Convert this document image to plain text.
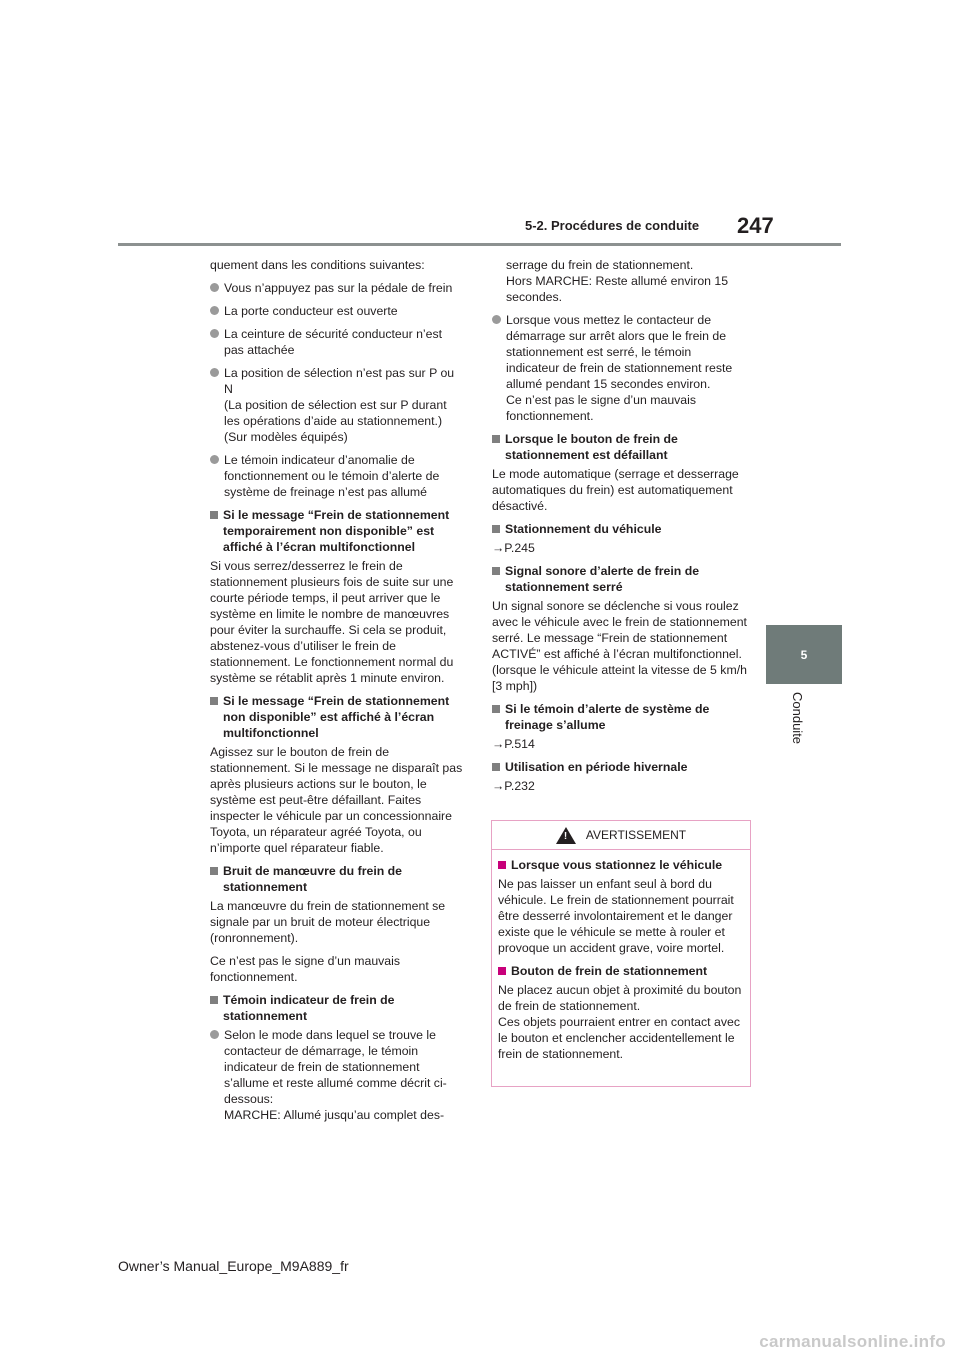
5-2. Procédures de conduite 247
5
Conduite

quement dans les conditions suivantes:

Vous n’appuyez pas sur la pédale de frein
La porte conducteur est ouverte
La ceinture de sécurité conducteur n’est pas attachée
La position de sélection n’est pas sur P ou N
(La position de sélection est sur P durant les opérations d’aide au stationnement.)
(Sur modèles équipés)
Le témoin indicateur d’anomalie de fonctionnement ou le témoin d’alerte de système de freinage n’est pas allumé
Si le message “Frein de stationnement temporairement non disponible” est affiché à l’écran multifonctionnel

Si vous serrez/desserrez le frein de stationnement plusieurs fois de suite sur une courte période temps, il peut arriver que le système en limite le nombre de manœuvres pour éviter la surchauffe. Si cela se produit, abstenez-vous d’utiliser le frein de stationnement. Le fonctionnement normal du système se rétablit après 1 minute environ.

Si le message “Frein de stationnement non disponible” est affiché à l’écran multifonctionnel

Agissez sur le bouton de frein de stationnement. Si le message ne disparaît pas après plusieurs actions sur le bouton, le système est peut-être défaillant. Faites inspecter le véhicule par un concessionnaire Toyota, un réparateur agréé Toyota, ou n’importe quel réparateur fiable.

Bruit de manœuvre du frein de stationnement

La manœuvre du frein de stationnement se signale par un bruit de moteur électrique (ronronnement).

Ce n’est pas le signe d’un mauvais fonctionnement.

Témoin indicateur de frein de stationnement
Selon le mode dans lequel se trouve le contacteur de démarrage, le témoin indicateur de frein de stationnement s’allume et reste allumé comme décrit ci-dessous:
MARCHE: Allumé jusqu’au complet des-

serrage du frein de stationnement.
Hors MARCHE: Reste allumé environ 15 secondes.

Lorsque vous mettez le contacteur de démarrage sur arrêt alors que le frein de stationnement est serré, le témoin indicateur de frein de stationnement reste allumé pendant 15 secondes environ.
Ce n’est pas le signe d’un mauvais fonctionnement.
Lorsque le bouton de frein de stationnement est défaillant

Le mode automatique (serrage et desserrage automatiques du frein) est automatiquement désactivé.

Stationnement du véhicule

→P.245

Signal sonore d’alerte de frein de stationnement serré

Un signal sonore se déclenche si vous roulez avec le véhicule avec le frein de stationnement serré. Le message “Frein de stationnement ACTIVÉ” est affiché à l’écran multifonctionnel. (lorsque le véhicule atteint la vitesse de 5 km/h [3 mph])

Si le témoin d’alerte de système de freinage s’allume

→P.514

Utilisation en période hivernale

→P.232

! AVERTISSEMENT
Lorsque vous stationnez le véhicule

Ne pas laisser un enfant seul à bord du véhicule. Le frein de stationnement pourrait être desserré involontairement et le danger existe que le véhicule se mette à rouler et provoque un accident grave, voire mortel.

Bouton de frein de stationnement

Ne placez aucun objet à proximité du bouton de frein de stationnement.
Ces objets pourraient entrer en contact avec le bouton et enclencher accidentellement le frein de stationnement.

Owner’s Manual_Europe_M9A889_fr
carmanualsonline.info
